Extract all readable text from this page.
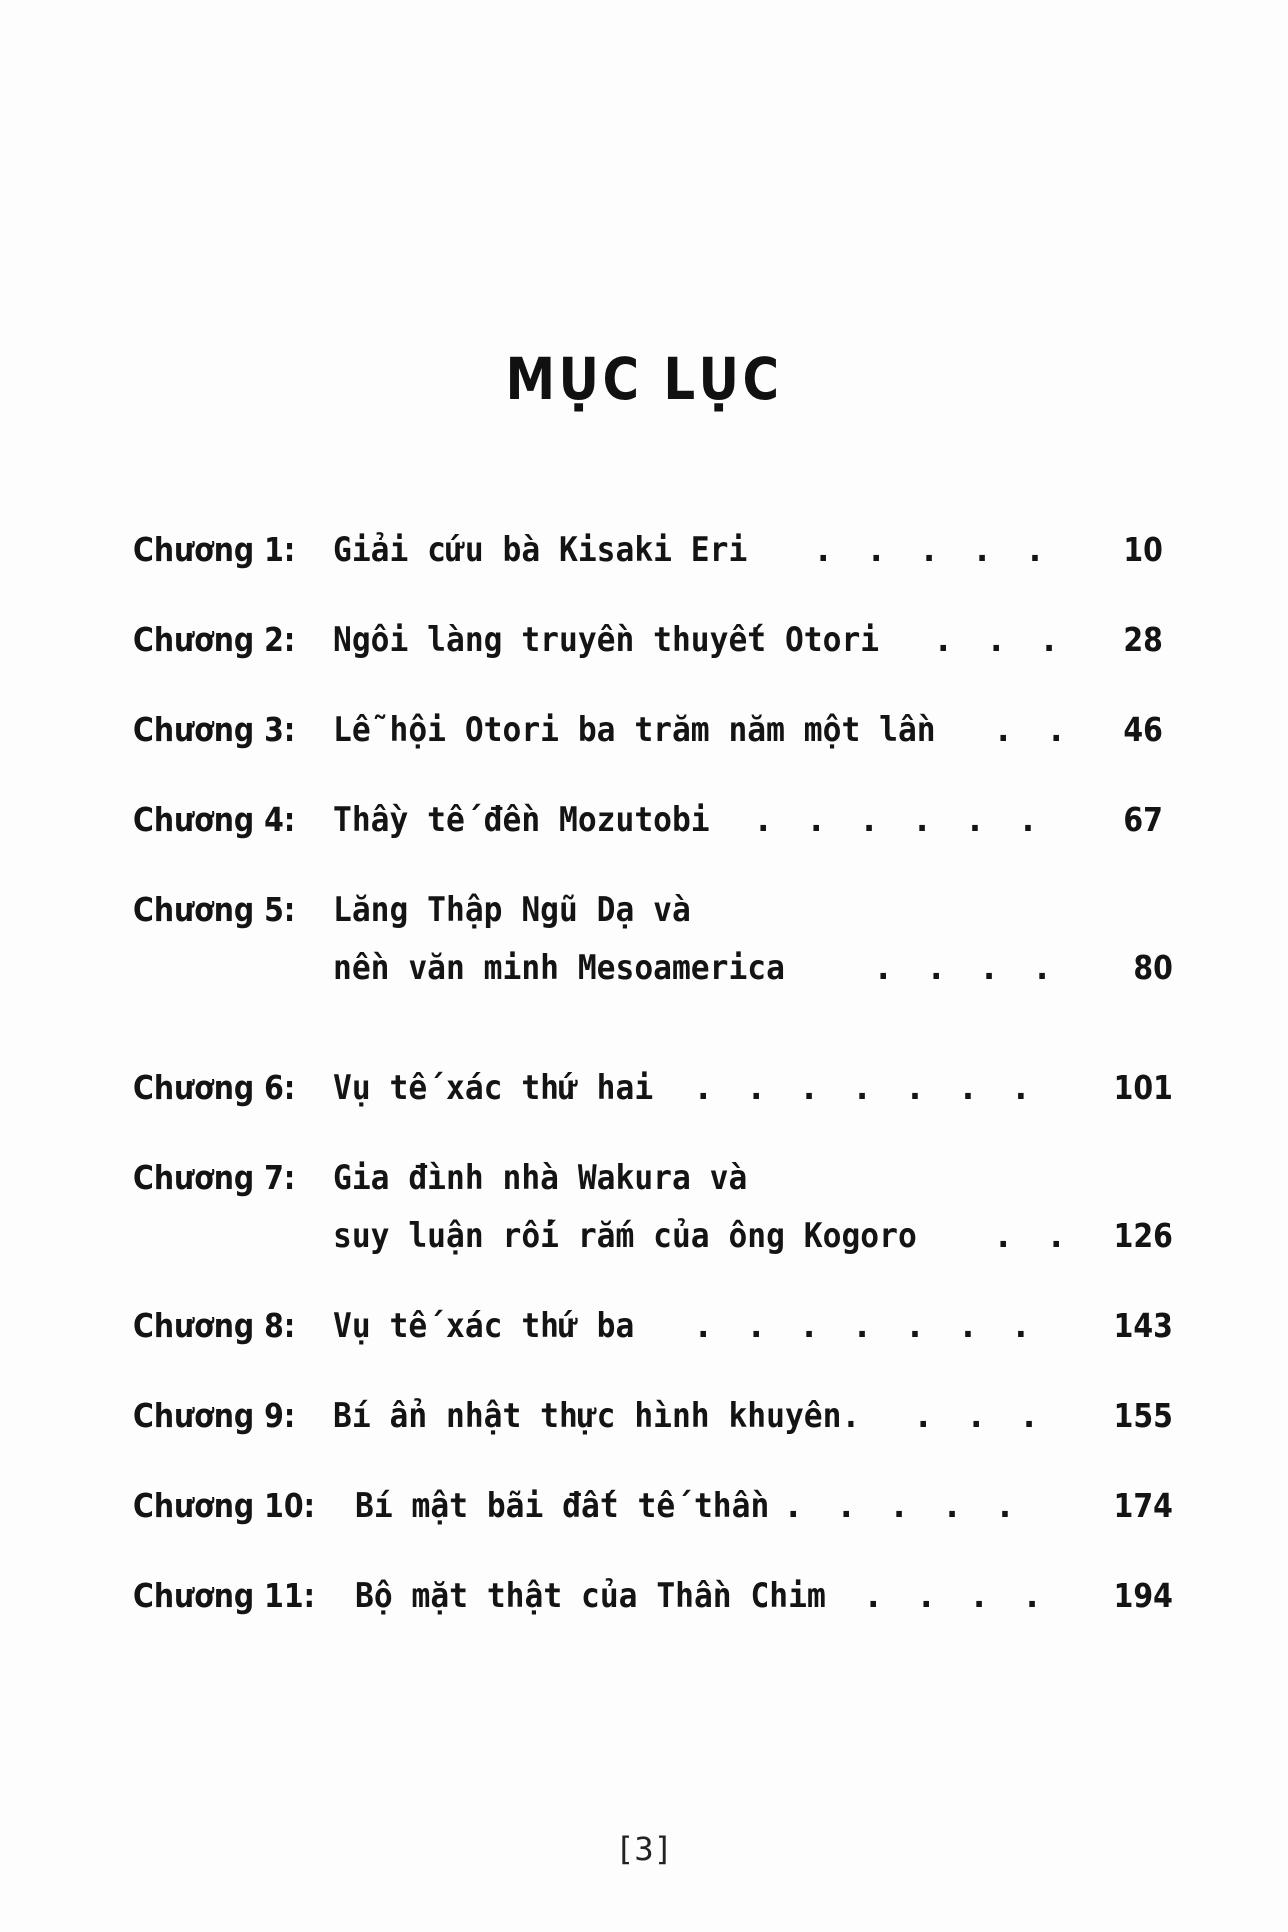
MỤC LỤC
Chương 1: Giải cứu bà Kisaki Eri . . . . . 10
Chương 2: Ngôi làng truyền thuyết Otori . . . 28
Chương 3: Lễ hội Otori ba trăm năm một lần . . 46
Chương 4: Thầy tế đền Mozutobi . . . . . . 67
Chương 5: Lăng Thập Ngũ Dạ và
nền văn minh Mesoamerica	. . . . 80
Chương 6: Vụ tế xác thứ hai . . . . . . . 101
Chương 7: Gia đình nhà Wakura và
suy luận rối rắm của ông Kogoro . . 126
Chương 8: Vụ tế xác thứ ba . . . . . . . 143
Chương 9: Bí ẩn nhật thực hình khuyên. . . . 155
Chương 10: Bí mật bãi đất tế thần . . . . .	174
Chương 11: Bộ mặt thật của Thần Chim . . . . 194
[3]
